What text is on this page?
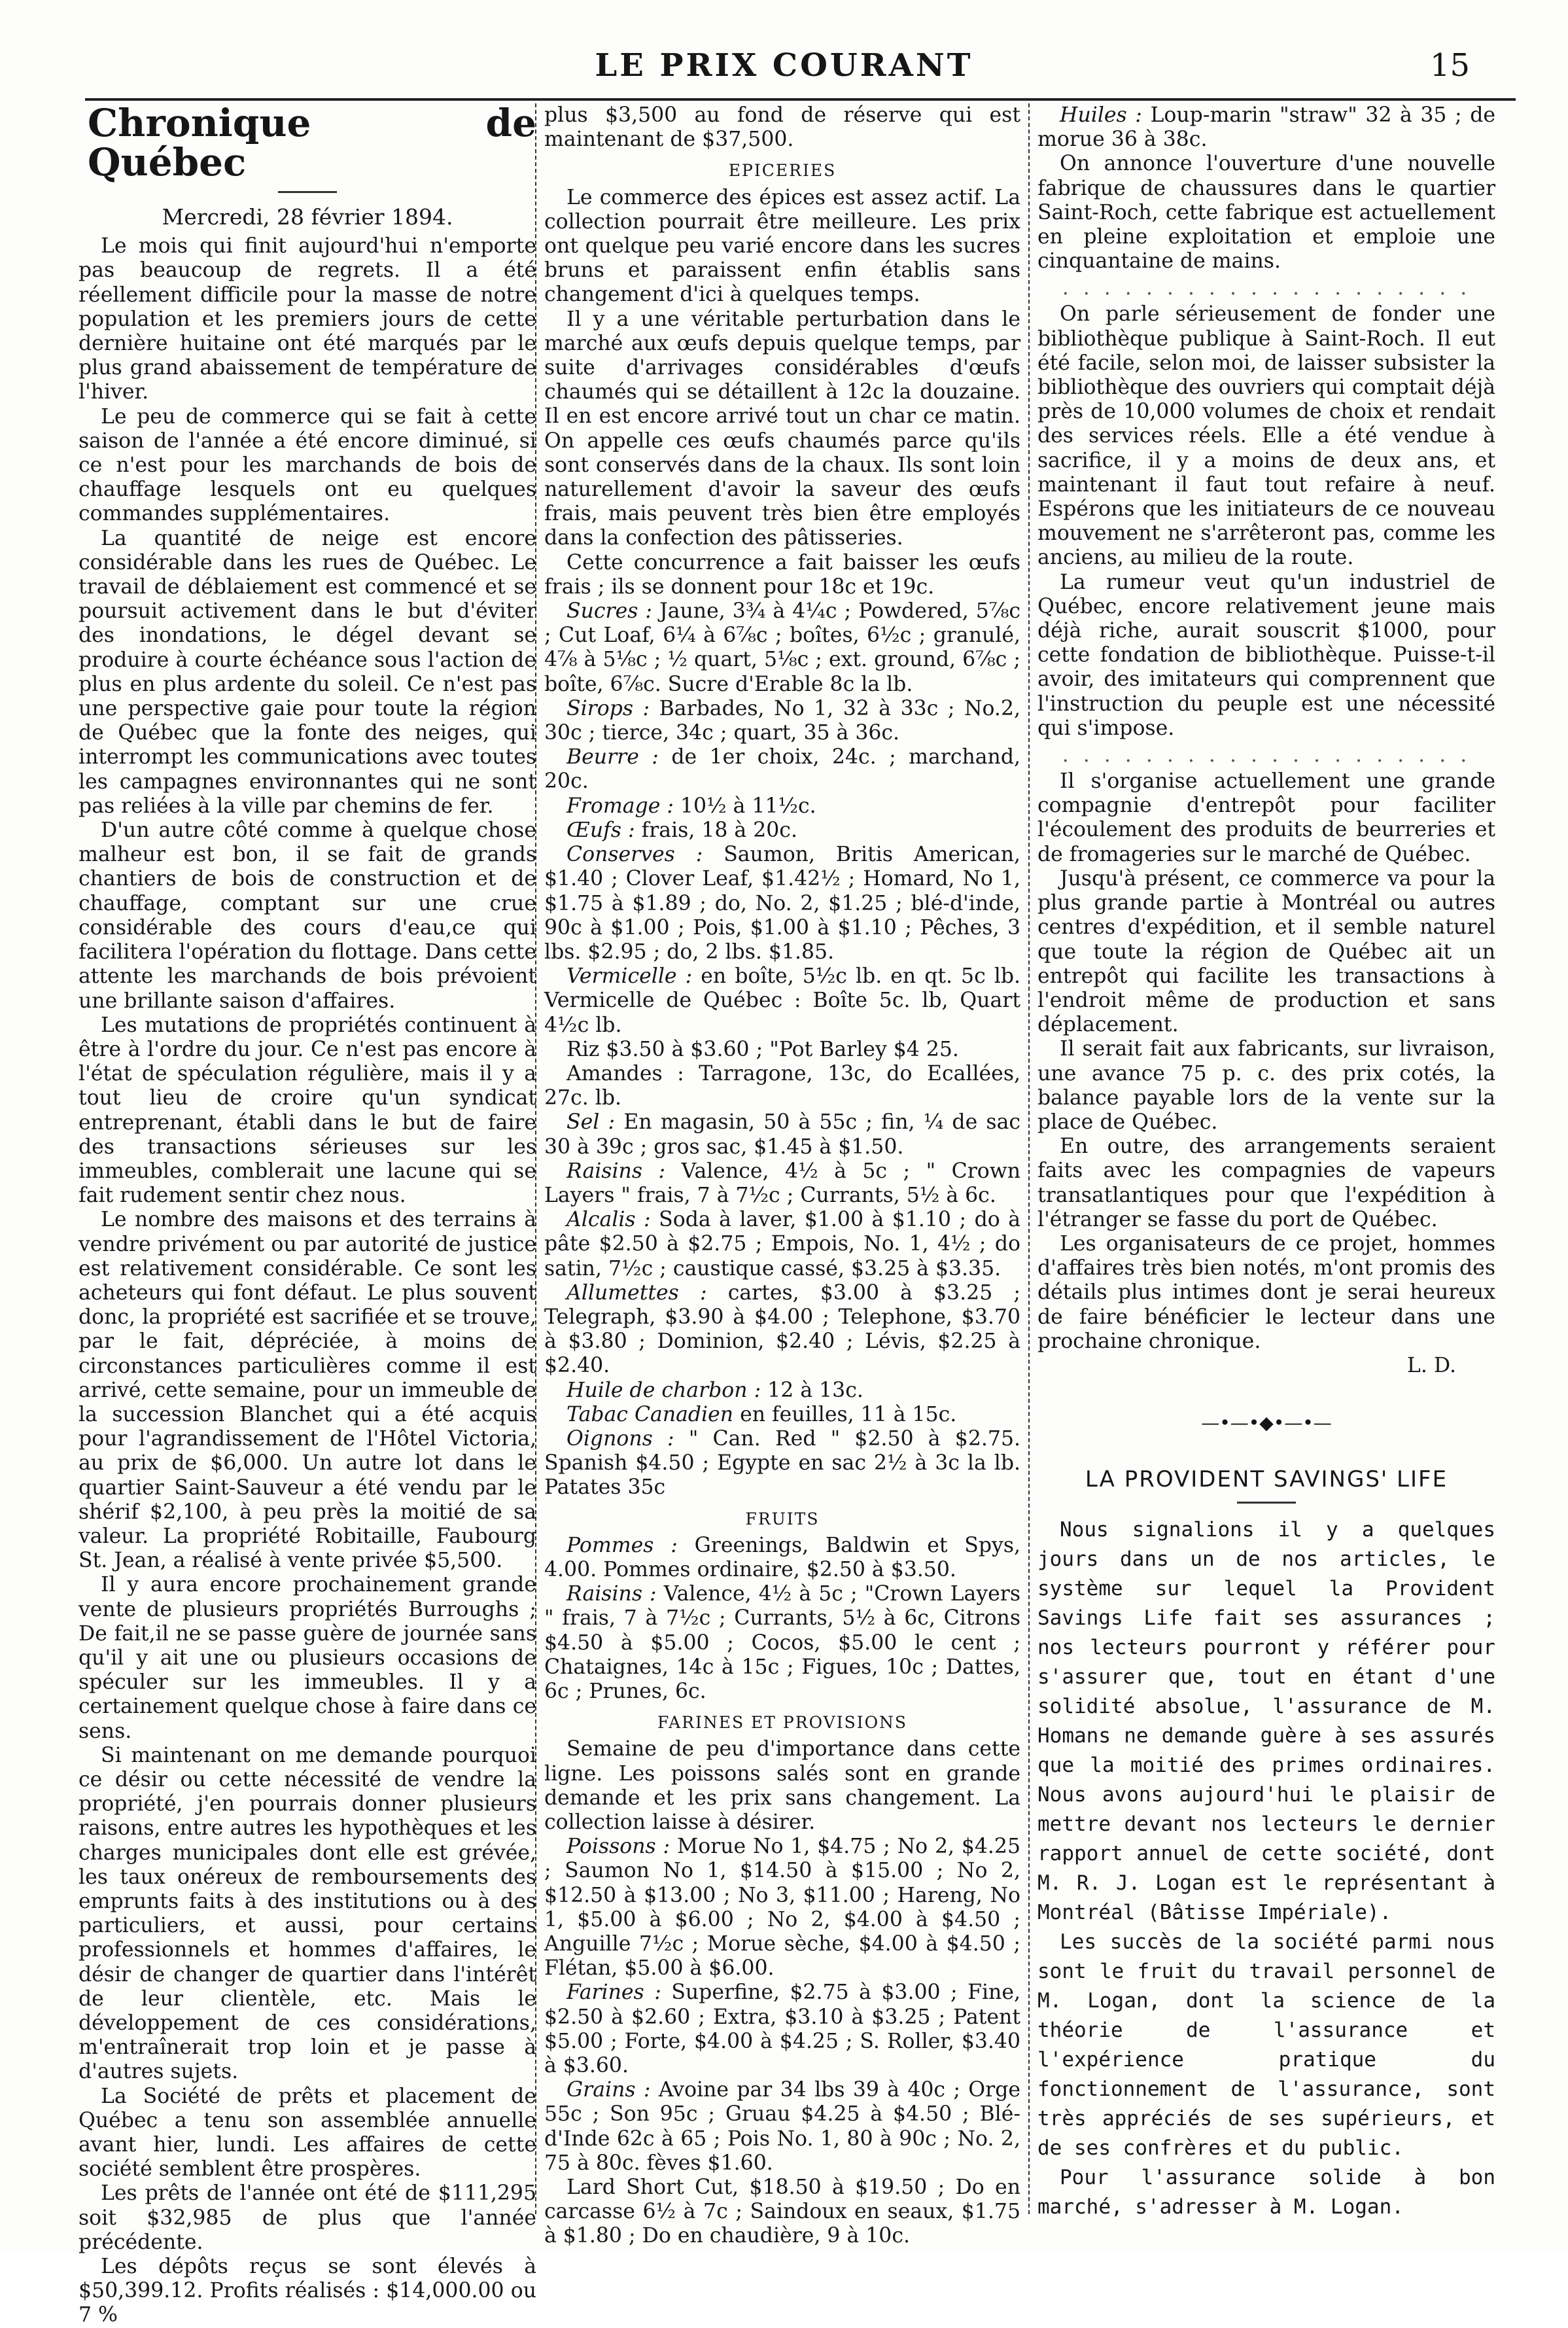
LE PRIX COURANT	15
Chronique de Québec
Mercredi, 28 février 1894.

Le mois qui finit aujourd'hui n'emporte pas beaucoup de regrets. Il a été réellement difficile pour la masse de notre population et les premiers jours de cette dernière huitaine ont été marqués par le plus grand abaissement de température de l'hiver.

Le peu de commerce qui se fait à cette saison de l'année a été encore diminué, si ce n'est pour les marchands de bois de chauffage lesquels ont eu quelques commandes supplémentaires.

La quantité de neige est encore considérable dans les rues de Québec. Le travail de déblaiement est commencé et se poursuit activement dans le but d'éviter des inondations, le dégel devant se produire à courte échéance sous l'action de plus en plus ardente du soleil. Ce n'est pas une perspective gaie pour toute la région de Québec que la fonte des neiges, qui interrompt les communications avec toutes les campagnes environnantes qui ne sont pas reliées à la ville par chemins de fer.

D'un autre côté comme à quelque chose malheur est bon, il se fait de grands chantiers de bois de construction et de chauffage, comptant sur une crue considérable des cours d'eau,ce qui facilitera l'opération du flottage. Dans cette attente les marchands de bois prévoient une brillante saison d'affaires.

Les mutations de propriétés continuent à être à l'ordre du jour. Ce n'est pas encore à l'état de spéculation régulière, mais il y a tout lieu de croire qu'un syndicat entreprenant, établi dans le but de faire des transactions sérieuses sur les immeubles, comblerait une lacune qui se fait rudement sentir chez nous.

Le nombre des maisons et des terrains à vendre privément ou par autorité de justice est relativement considérable. Ce sont les acheteurs qui font défaut. Le plus souvent donc, la propriété est sacrifiée et se trouve, par le fait, dépréciée, à moins de circonstances particulières comme il est arrivé, cette semaine, pour un immeuble de la succession Blanchet qui a été acquis pour l'agrandissement de l'Hôtel Victoria, au prix de $6,000. Un autre lot dans le quartier Saint-Sauveur a été vendu par le shérif $2,100, à peu près la moitié de sa valeur. La propriété Robitaille, Faubourg St. Jean, a réalisé à vente privée $5,500.

Il y aura encore prochainement grande vente de plusieurs propriétés Burroughs ; De fait,il ne se passe guère de journée sans qu'il y ait une ou plusieurs occasions de spéculer sur les immeubles. Il y a certainement quelque chose à faire dans ce sens.

Si maintenant on me demande pourquoi ce désir ou cette nécessité de vendre la propriété, j'en pourrais donner plusieurs raisons, entre autres les hypothèques et les charges municipales dont elle est grévée, les taux onéreux de remboursements des emprunts faits à des institutions ou à des particuliers, et aussi, pour certains professionnels et hommes d'affaires, le désir de changer de quartier dans l'intérêt de leur clientèle, etc. Mais le développement de ces considérations, m'entraînerait trop loin et je passe à d'autres sujets.

La Société de prêts et placement de Québec a tenu son assemblée annuelle avant hier, lundi. Les affaires de cette société semblent être prospères.

Les prêts de l'année ont été de $111,295 soit $32,985 de plus que l'année précédente.

Les dépôts reçus se sont élevés à $50,399.12. Profits réalisés : $14,000.00 ou 7 %

plus $3,500 au fond de réserve qui est maintenant de $37,500.

EPICERIES

Le commerce des épices est assez actif. La collection pourrait être meilleure. Les prix ont quelque peu varié encore dans les sucres bruns et paraissent enfin établis sans changement d'ici à quelques temps.

Il y a une véritable perturbation dans le marché aux œufs depuis quelque temps, par suite d'arrivages considérables d'œufs chaumés qui se détaillent à 12c la douzaine. Il en est encore arrivé tout un char ce matin. On appelle ces œufs chaumés parce qu'ils sont conservés dans de la chaux. Ils sont loin naturellement d'avoir la saveur des œufs frais, mais peuvent très bien être employés dans la confection des pâtisseries.

Cette concurrence a fait baisser les œufs frais ; ils se donnent pour 18c et 19c.

Sucres : Jaune, 3¾ à 4¼c ; Powdered, 5⅞c ; Cut Loaf, 6¼ à 6⅞c ; boîtes, 6½c ; granulé, 4⅞ à 5⅛c ; ½ quart, 5⅛c ; ext. ground, 6⅞c ; boîte, 6⅞c. Sucre d'Erable 8c la lb.

Sirops : Barbades, No 1, 32 à 33c ; No.2, 30c ; tierce, 34c ; quart, 35 à 36c.

Beurre : de 1er choix, 24c. ; marchand, 20c.

Fromage : 10½ à 11½c.

Œufs : frais, 18 à 20c.

Conserves : Saumon, Britis American, $1.40 ; Clover Leaf, $1.42½ ; Homard, No 1, $1.75 à $1.89 ; do, No. 2, $1.25 ; blé-d'inde, 90c à $1.00 ; Pois, $1.00 à $1.10 ; Pêches, 3 lbs. $2.95 ; do, 2 lbs. $1.85.

Vermicelle : en boîte, 5½c lb. en qt. 5c lb. Vermicelle de Québec : Boîte 5c. lb, Quart 4½c lb.

Riz $3.50 à $3.60 ; "Pot Barley $4 25.

Amandes : Tarragone, 13c, do Ecallées, 27c. lb.

Sel : En magasin, 50 à 55c ; fin, ¼ de sac 30 à 39c ; gros sac, $1.45 à $1.50.

Raisins : Valence, 4½ à 5c ; " Crown Layers " frais, 7 à 7½c ; Currants, 5½ à 6c.

Alcalis : Soda à laver, $1.00 à $1.10 ; do à pâte $2.50 à $2.75 ; Empois, No. 1, 4½ ; do satin, 7½c ; caustique cassé, $3.25 à $3.35.

Allumettes : cartes, $3.00 à $3.25 ; Telegraph, $3.90 à $4.00 ; Telephone, $3.70 à $3.80 ; Dominion, $2.40 ; Lévis, $2.25 à $2.40.

Huile de charbon : 12 à 13c.

Tabac Canadien en feuilles, 11 à 15c.

Oignons : " Can. Red " $2.50 à $2.75. Spanish $4.50 ; Egypte en sac 2½ à 3c la lb. Patates 35c

FRUITS

Pommes : Greenings, Baldwin et Spys, 4.00. Pommes ordinaire, $2.50 à $3.50.

Raisins : Valence, 4½ à 5c ; "Crown Layers " frais, 7 à 7½c ; Currants, 5½ à 6c, Citrons $4.50 à $5.00 ; Cocos, $5.00 le cent ; Chataignes, 14c à 15c ; Figues, 10c ; Dattes, 6c ; Prunes, 6c.

FARINES ET PROVISIONS

Semaine de peu d'importance dans cette ligne. Les poissons salés sont en grande demande et les prix sans changement. La collection laisse à désirer.

Poissons : Morue No 1, $4.75 ; No 2, $4.25 ; Saumon No 1, $14.50 à $15.00 ; No 2, $12.50 à $13.00 ; No 3, $11.00 ; Hareng, No 1, $5.00 à $6.00 ; No 2, $4.00 à $4.50 ; Anguille 7½c ; Morue sèche, $4.00 à $4.50 ; Flétan, $5.00 à $6.00.

Farines : Superfine, $2.75 à $3.00 ; Fine, $2.50 à $2.60 ; Extra, $3.10 à $3.25 ; Patent $5.00 ; Forte, $4.00 à $4.25 ; S. Roller, $3.40 à $3.60.

Grains : Avoine par 34 lbs 39 à 40c ; Orge 55c ; Son 95c ; Gruau $4.25 à $4.50 ; Blé-d'Inde 62c à 65 ; Pois No. 1, 80 à 90c ; No. 2, 75 à 80c. fèves $1.60.

Lard Short Cut, $18.50 à $19.50 ; Do en carcasse 6½ à 7c ; Saindoux en seaux, $1.75 à $1.80 ; Do en chaudière, 9 à 10c.

Huiles : Loup-marin "straw" 32 à 35 ; de morue 36 à 38c.

On annonce l'ouverture d'une nouvelle fabrique de chaussures dans le quartier Saint-Roch, cette fabrique est actuellement en pleine exploitation et emploie une cinquantaine de mains.

. . . . . . . . . . . . . . . . . . . .

On parle sérieusement de fonder une bibliothèque publique à Saint-Roch. Il eut été facile, selon moi, de laisser subsister la bibliothèque des ouvriers qui comptait déjà près de 10,000 volumes de choix et rendait des services réels. Elle a été vendue à sacrifice, il y a moins de deux ans, et maintenant il faut tout refaire à neuf. Espérons que les initiateurs de ce nouveau mouvement ne s'arrêteront pas, comme les anciens, au milieu de la route.

La rumeur veut qu'un industriel de Québec, encore relativement jeune mais déjà riche, aurait souscrit $1000, pour cette fondation de bibliothèque. Puisse-t-il avoir, des imitateurs qui comprennent que l'instruction du peuple est une nécessité qui s'impose.

. . . . . . . . . . . . . . . . . . . .

Il s'organise actuellement une grande compagnie d'entrepôt pour faciliter l'écoulement des produits de beurreries et de fromageries sur le marché de Québec.

Jusqu'à présent, ce commerce va pour la plus grande partie à Montréal ou autres centres d'expédition, et il semble naturel que toute la région de Québec ait un entrepôt qui facilite les transactions à l'endroit même de production et sans déplacement.

Il serait fait aux fabricants, sur livraison, une avance 75 p. c. des prix cotés, la balance payable lors de la vente sur la place de Québec.

En outre, des arrangements seraient faits avec les compagnies de vapeurs transatlantiques pour que l'expédition à l'étranger se fasse du port de Québec.

Les organisateurs de ce projet, hommes d'affaires très bien notés, m'ont promis des détails plus intimes dont je serai heureux de faire bénéficier le lecteur dans une prochaine chronique.

L. D.
—•—•◆•—•—
LA PROVIDENT SAVINGS' LIFE

Nous signalions il y a quelques jours dans un de nos articles, le système sur lequel la Provident Savings Life fait ses assurances ; nos lecteurs pourront y référer pour s'assurer que, tout en étant d'une solidité absolue, l'assurance de M. Homans ne demande guère à ses assurés que la moitié des primes ordinaires. Nous avons aujourd'hui le plaisir de mettre devant nos lecteurs le dernier rapport annuel de cette société, dont M. R. J. Logan est le représentant à Montréal (Bâtisse Impériale).

Les succès de la société parmi nous sont le fruit du travail personnel de M. Logan, dont la science de la théorie de l'assurance et l'expérience pratique du fonctionnement de l'assurance, sont très appréciés de ses supérieurs, et de ses confrères et du public.

Pour l'assurance solide à bon marché, s'adresser à M. Logan.
